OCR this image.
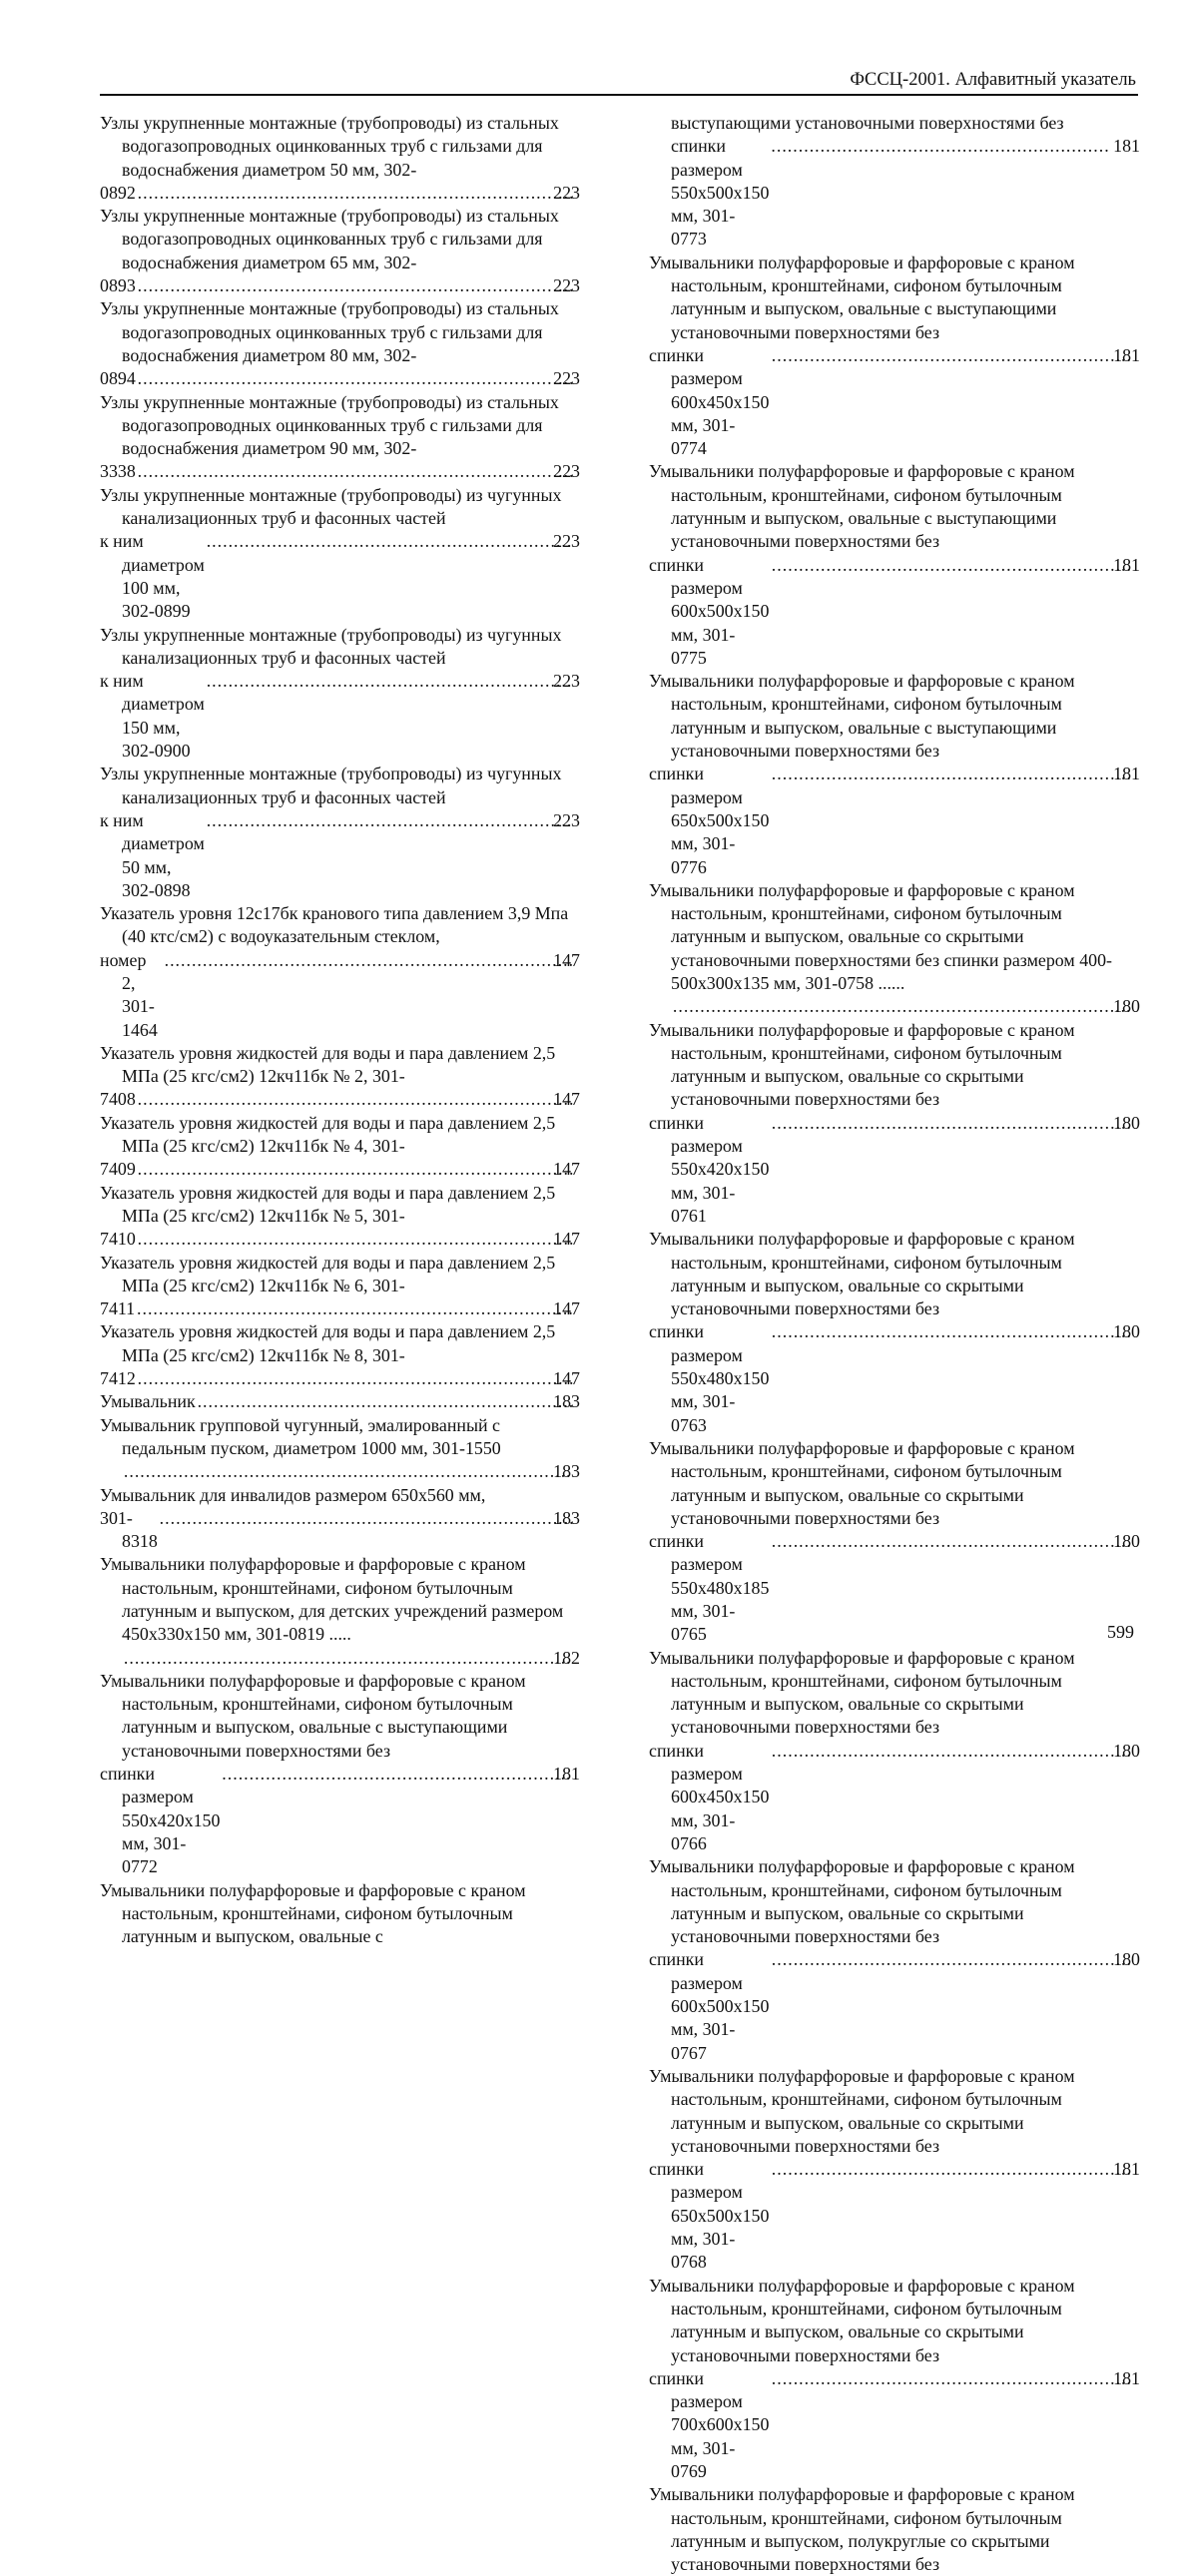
ФССЦ-2001. Алфавитный указатель

Узлы укрупненные монтажные (трубопроводы) из стальных водогазопроводных оцинкованных труб с гильзами для водоснабжения диаметром 50 мм, 302-
0892 .....	223

Узлы укрупненные монтажные (трубопроводы) из стальных водогазопроводных оцинкованных труб с гильзами для водоснабжения диаметром 65 мм, 302-
0893 .....	223

Узлы укрупненные монтажные (трубопроводы) из стальных водогазопроводных оцинкованных труб с гильзами для водоснабжения диаметром 80 мм, 302-
0894 .....	223

Узлы укрупненные монтажные (трубопроводы) из стальных водогазопроводных оцинкованных труб с гильзами для водоснабжения диаметром 90 мм, 302-
3338 .....	223

Узлы укрупненные монтажные (трубопроводы) из чугунных канализационных труб и фасонных частей
к ним диаметром 100 мм, 302-0899
.....
223

Узлы укрупненные монтажные (трубопроводы) из чугунных канализационных труб и фасонных частей
к ним диаметром 150 мм, 302-0900
.....
223

Узлы укрупненные монтажные (трубопроводы) из чугунных канализационных труб и фасонных частей
к ним диаметром 50 мм, 302-0898
.....
223

Указатель уровня 12с17бк кранового типа давлением 3,9 Мпа (40 ктс/см2) с водоуказательным стеклом,
номер 2, 301-1464
.....
147

Указатель уровня жидкостей для воды и пара давлением 2,5 МПа (25 кгс/см2) 12кч11бк № 2, 301-
7408 .....	147

Указатель уровня жидкостей для воды и пара давлением 2,5 МПа (25 кгс/см2) 12кч11бк № 4, 301-
7409 .....	147

Указатель уровня жидкостей для воды и пара давлением 2,5 МПа (25 кгс/см2) 12кч11бк № 5, 301-
7410 .....	147

Указатель уровня жидкостей для воды и пара давлением 2,5 МПа (25 кгс/см2) 12кч11бк № 6, 301-
7411 .....	147

Указатель уровня жидкостей для воды и пара давлением 2,5 МПа (25 кгс/см2) 12кч11бк № 8, 301-
7412 .....	147

Умывальник .....	183

Умывальник групповой чугунный, эмалированный с педальным пуском, диаметром 1000 мм, 301-1550
.....
183

Умывальник для инвалидов размером 650х560 мм,
301-8318
.....
183

Умывальники полуфарфоровые и фарфоровые с краном настольным, кронштейнами, сифоном бутылочным латунным и выпуском, для детских учреждений размером 450х330х150 мм, 301-0819 .....
.....
182

Умывальники полуфарфоровые и фарфоровые с краном настольным, кронштейнами, сифоном бутылочным латунным и выпуском, овальные с выступающими установочными поверхностями без
спинки размером 550х420х150 мм, 301-0772
.....
181

Умывальники полуфарфоровые и фарфоровые с краном настольным, кронштейнами, сифоном бутылочным латунным и выпуском, овальные с

выступающими установочными поверхностями без
спинки размером 550х500х150 мм, 301-0773
.....
181

Умывальники полуфарфоровые и фарфоровые с краном настольным, кронштейнами, сифоном бутылочным латунным и выпуском, овальные с выступающими установочными поверхностями без
спинки размером 600х450х150 мм, 301-0774
.....
181

Умывальники полуфарфоровые и фарфоровые с краном настольным, кронштейнами, сифоном бутылочным латунным и выпуском, овальные с выступающими установочными поверхностями без
спинки размером 600х500х150 мм, 301-0775
.....
181

Умывальники полуфарфоровые и фарфоровые с краном настольным, кронштейнами, сифоном бутылочным латунным и выпуском, овальные с выступающими установочными поверхностями без
спинки размером 650х500х150 мм, 301-0776
.....
181

Умывальники полуфарфоровые и фарфоровые с краном настольным, кронштейнами, сифоном бутылочным латунным и выпуском, овальные со скрытыми установочными поверхностями без спинки размером 400-500х300х135 мм, 301-0758 ......
.....
180

Умывальники полуфарфоровые и фарфоровые с краном настольным, кронштейнами, сифоном бутылочным латунным и выпуском, овальные со скрытыми установочными поверхностями без
спинки размером 550х420х150 мм, 301-0761
.....
180

Умывальники полуфарфоровые и фарфоровые с краном настольным, кронштейнами, сифоном бутылочным латунным и выпуском, овальные со скрытыми установочными поверхностями без
спинки размером 550х480х150 мм, 301-0763
.....
180

Умывальники полуфарфоровые и фарфоровые с краном настольным, кронштейнами, сифоном бутылочным латунным и выпуском, овальные со скрытыми установочными поверхностями без
спинки размером 550х480х185 мм, 301-0765
.....
180

Умывальники полуфарфоровые и фарфоровые с краном настольным, кронштейнами, сифоном бутылочным латунным и выпуском, овальные со скрытыми установочными поверхностями без
спинки размером 600х450х150 мм, 301-0766
.....
180

Умывальники полуфарфоровые и фарфоровые с краном настольным, кронштейнами, сифоном бутылочным латунным и выпуском, овальные со скрытыми установочными поверхностями без
спинки размером 600х500х150 мм, 301-0767
.....
180

Умывальники полуфарфоровые и фарфоровые с краном настольным, кронштейнами, сифоном бутылочным латунным и выпуском, овальные со скрытыми установочными поверхностями без
спинки размером 650х500х150 мм, 301-0768
.....
181

Умывальники полуфарфоровые и фарфоровые с краном настольным, кронштейнами, сифоном бутылочным латунным и выпуском, овальные со скрытыми установочными поверхностями без
спинки размером 700х600х150 мм, 301-0769
.....
181

Умывальники полуфарфоровые и фарфоровые с краном настольным, кронштейнами, сифоном бутылочным латунным и выпуском, полукруглые со скрытыми установочными поверхностями без

599
